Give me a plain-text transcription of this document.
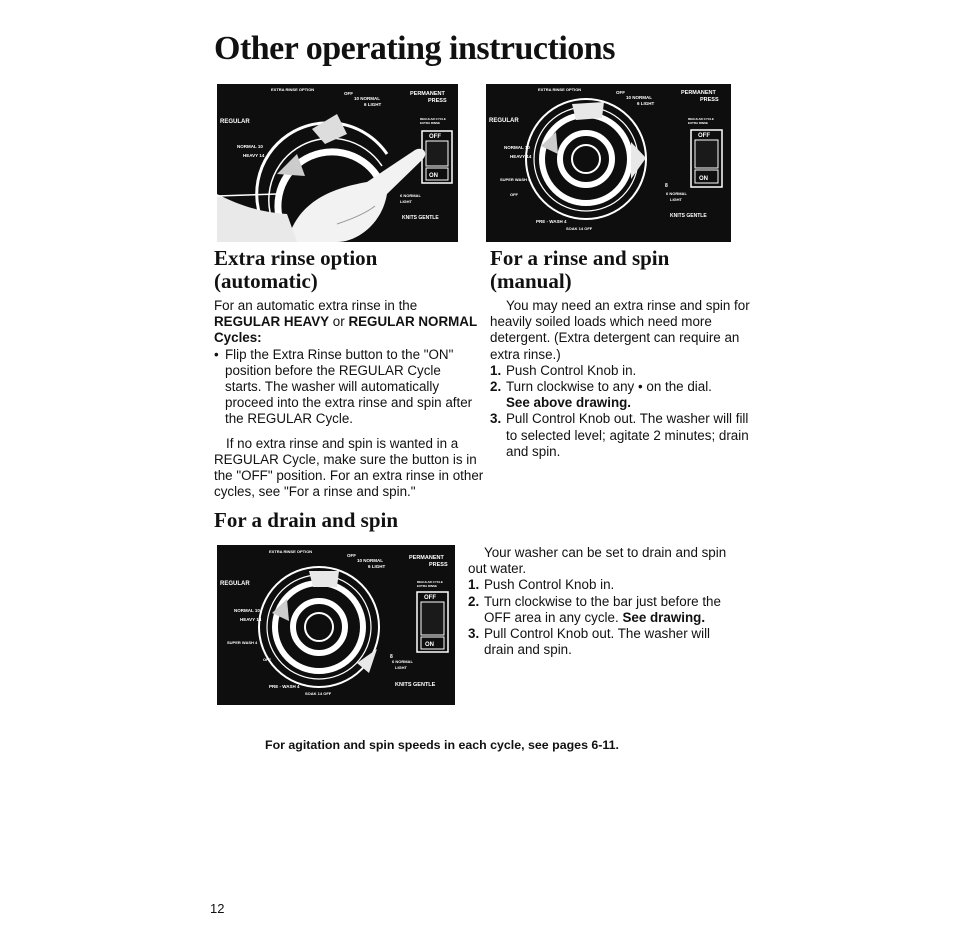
Other operating instructions
EXTRA RINSE OPTION
OFF
10 NORMAL
6 LIGHT
PERMANENT
PRESS
REGULAR	REGULAR CYCLE
EXTRA RINSE
NORMAL 10
HEAVY 14
6 NORMAL
LIGHT
KNITS GENTLE
OFF
ON
EXTRA RINSE OPTION
OFF
10 NORMAL
6 LIGHT
PERMANENT
PRESS
REGULAR	REGULAR CYCLE
EXTRA RINSE
NORMAL 10
HEAVY 14
SUPER WASH 4
OFF
PRE - WASH 4
SOAK 14 OFF
8
6 NORMAL
LIGHT
KNITS GENTLE
OFF
ON
EXTRA RINSE OPTION
OFF
10 NORMAL
6 LIGHT
PERMANENT
PRESS
REGULAR	REGULAR CYCLE
EXTRA RINSE
NORMAL 10
HEAVY 14
SUPER WASH 4
OFF
PRE - WASH 4
SOAK 14 OFF
8
6 NORMAL
LIGHT
KNITS GENTLE
OFF
ON
Extra rinse option
(automatic)

For an automatic extra rinse in the
REGULAR HEAVY or REGULAR NORMAL
Cycles:

• Flip the Extra Rinse button to the "ON" position before the REGULAR Cycle starts. The washer will automatically proceed into the extra rinse and spin after the REGULAR Cycle.

If no extra rinse and spin is wanted in a REGULAR Cycle, make sure the button is in the "OFF" position. For an extra rinse in other cycles, see "For a rinse and spin."

For a rinse and spin
(manual)

You may need an extra rinse and spin for heavily soiled loads which need more detergent. (Extra detergent can require an extra rinse.)

1. Push Control Knob in.
2. Turn clockwise to any • on the dial.
See above drawing.
3. Pull Control Knob out. The washer will fill to selected level; agitate 2 minutes; drain and spin.
For a drain and spin

Your washer can be set to drain and spin out water.

1. Push Control Knob in.
2. Turn clockwise to the bar just before the OFF area in any cycle. See drawing.
3. Pull Control Knob out. The washer will drain and spin.
For agitation and spin speeds in each cycle, see pages 6-11.
12
